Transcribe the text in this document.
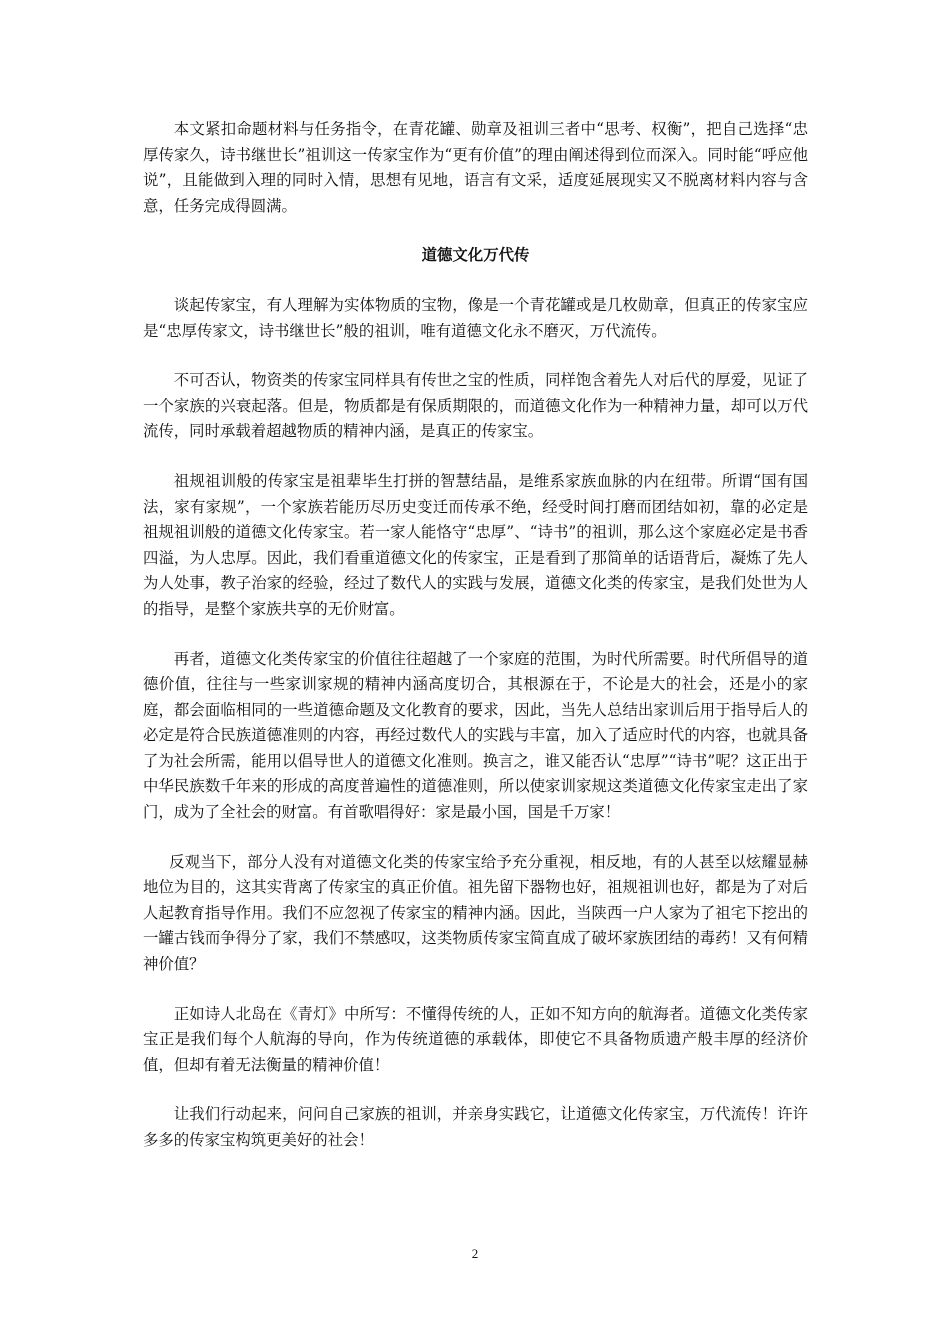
本文紧扣命题材料与任务指令，在青花罐、勋章及祖训三者中“思考、权衡”，把自己选择“忠厚传家久，诗书继世长”祖训这一传家宝作为“更有价值”的理由阐述得到位而深入。同时能“呼应他说”，且能做到入理的同时入情，思想有见地，语言有文采，适度延展现实又不脱离材料内容与含意，任务完成得圆满。

道德文化万代传

谈起传家宝，有人理解为实体物质的宝物，像是一个青花罐或是几枚勋章，但真正的传家宝应是“忠厚传家文，诗书继世长”般的祖训，唯有道德文化永不磨灭，万代流传。

不可否认，物资类的传家宝同样具有传世之宝的性质，同样饱含着先人对后代的厚爱，见证了一个家族的兴衰起落。但是，物质都是有保质期限的，而道德文化作为一种精神力量，却可以万代流传，同时承载着超越物质的精神内涵，是真正的传家宝。

祖规祖训般的传家宝是祖辈毕生打拼的智慧结晶，是维系家族血脉的内在纽带。所谓“国有国法，家有家规”，一个家族若能历尽历史变迁而传承不绝，经受时间打磨而团结如初，靠的必定是祖规祖训般的道德文化传家宝。若一家人能恪守“忠厚”、“诗书”的祖训，那么这个家庭必定是书香四溢，为人忠厚。因此，我们看重道德文化的传家宝，正是看到了那简单的话语背后，凝炼了先人为人处事，教子治家的经验，经过了数代人的实践与发展，道德文化类的传家宝，是我们处世为人的指导，是整个家族共享的无价财富。

再者，道德文化类传家宝的价值往往超越了一个家庭的范围，为时代所需要。时代所倡导的道德价值，往往与一些家训家规的精神内涵高度切合，其根源在于，不论是大的社会，还是小的家庭，都会面临相同的一些道德命题及文化教育的要求，因此，当先人总结出家训后用于指导后人的必定是符合民族道德准则的内容，再经过数代人的实践与丰富，加入了适应时代的内容，也就具备了为社会所需，能用以倡导世人的道德文化准则。换言之，谁又能否认“忠厚”“诗书”呢？这正出于中华民族数千年来的形成的高度普遍性的道德准则，所以使家训家规这类道德文化传家宝走出了家门，成为了全社会的财富。有首歌唱得好：家是最小国，国是千万家！

反观当下，部分人没有对道德文化类的传家宝给予充分重视，相反地，有的人甚至以炫耀显赫地位为目的，这其实背离了传家宝的真正价值。祖先留下器物也好，祖规祖训也好，都是为了对后人起教育指导作用。我们不应忽视了传家宝的精神内涵。因此，当陕西一户人家为了祖宅下挖出的一罐古钱而争得分了家，我们不禁感叹，这类物质传家宝简直成了破坏家族团结的毒药！又有何精神价值？

正如诗人北岛在《青灯》中所写：不懂得传统的人，正如不知方向的航海者。道德文化类传家宝正是我们每个人航海的导向，作为传统道德的承载体，即使它不具备物质遗产般丰厚的经济价值，但却有着无法衡量的精神价值！

让我们行动起来，问问自己家族的祖训，并亲身实践它，让道德文化传家宝，万代流传！许许多多的传家宝构筑更美好的社会！

2
